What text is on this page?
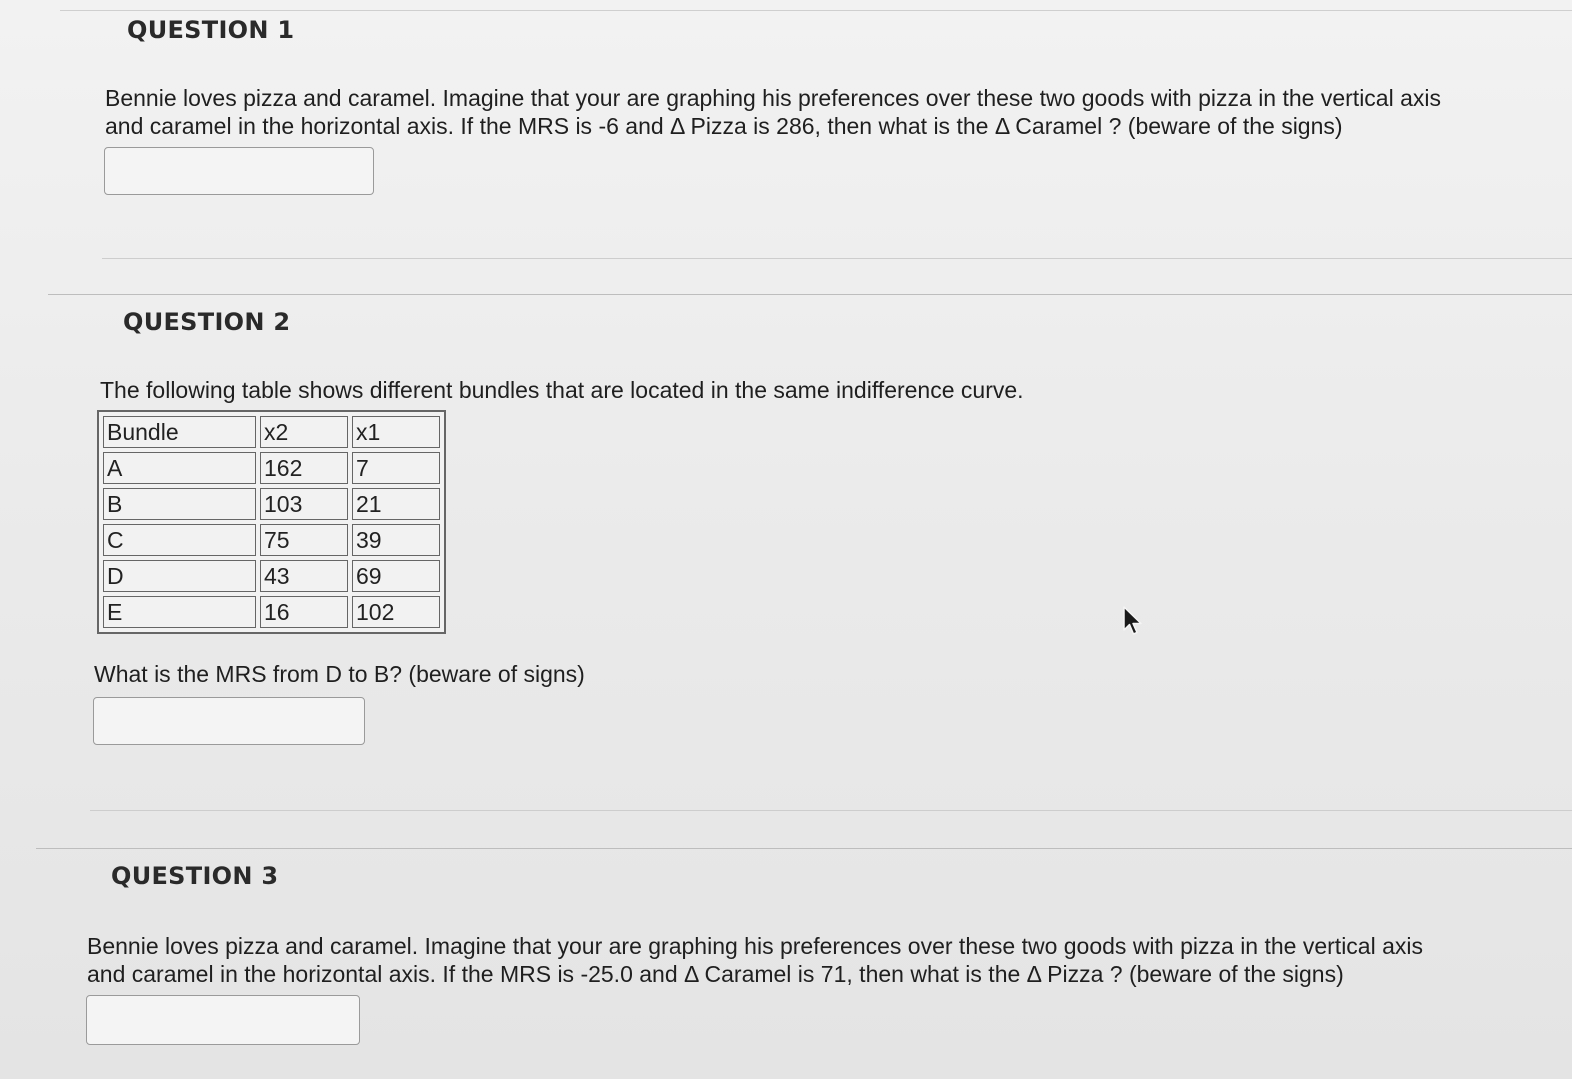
QUESTION 1

Bennie loves pizza and caramel. Imagine that your are graphing his preferences over these two goods with pizza in the vertical axis

and caramel in the horizontal axis. If the MRS is -6 and Δ Pizza is 286, then what is the Δ Caramel ? (beware of the signs)

QUESTION 2

The following table shows different bundles that are located in the same indifference curve.

Bundle	x2	x1
A	162	7
B	103	21
C	75	39
D	43	69
E	16	102

What is the MRS from D to B? (beware of signs)

QUESTION 3

Bennie loves pizza and caramel. Imagine that your are graphing his preferences over these two goods with pizza in the vertical axis

and caramel in the horizontal axis. If the MRS is -25.0 and Δ Caramel is 71, then what is the Δ Pizza ? (beware of the signs)
